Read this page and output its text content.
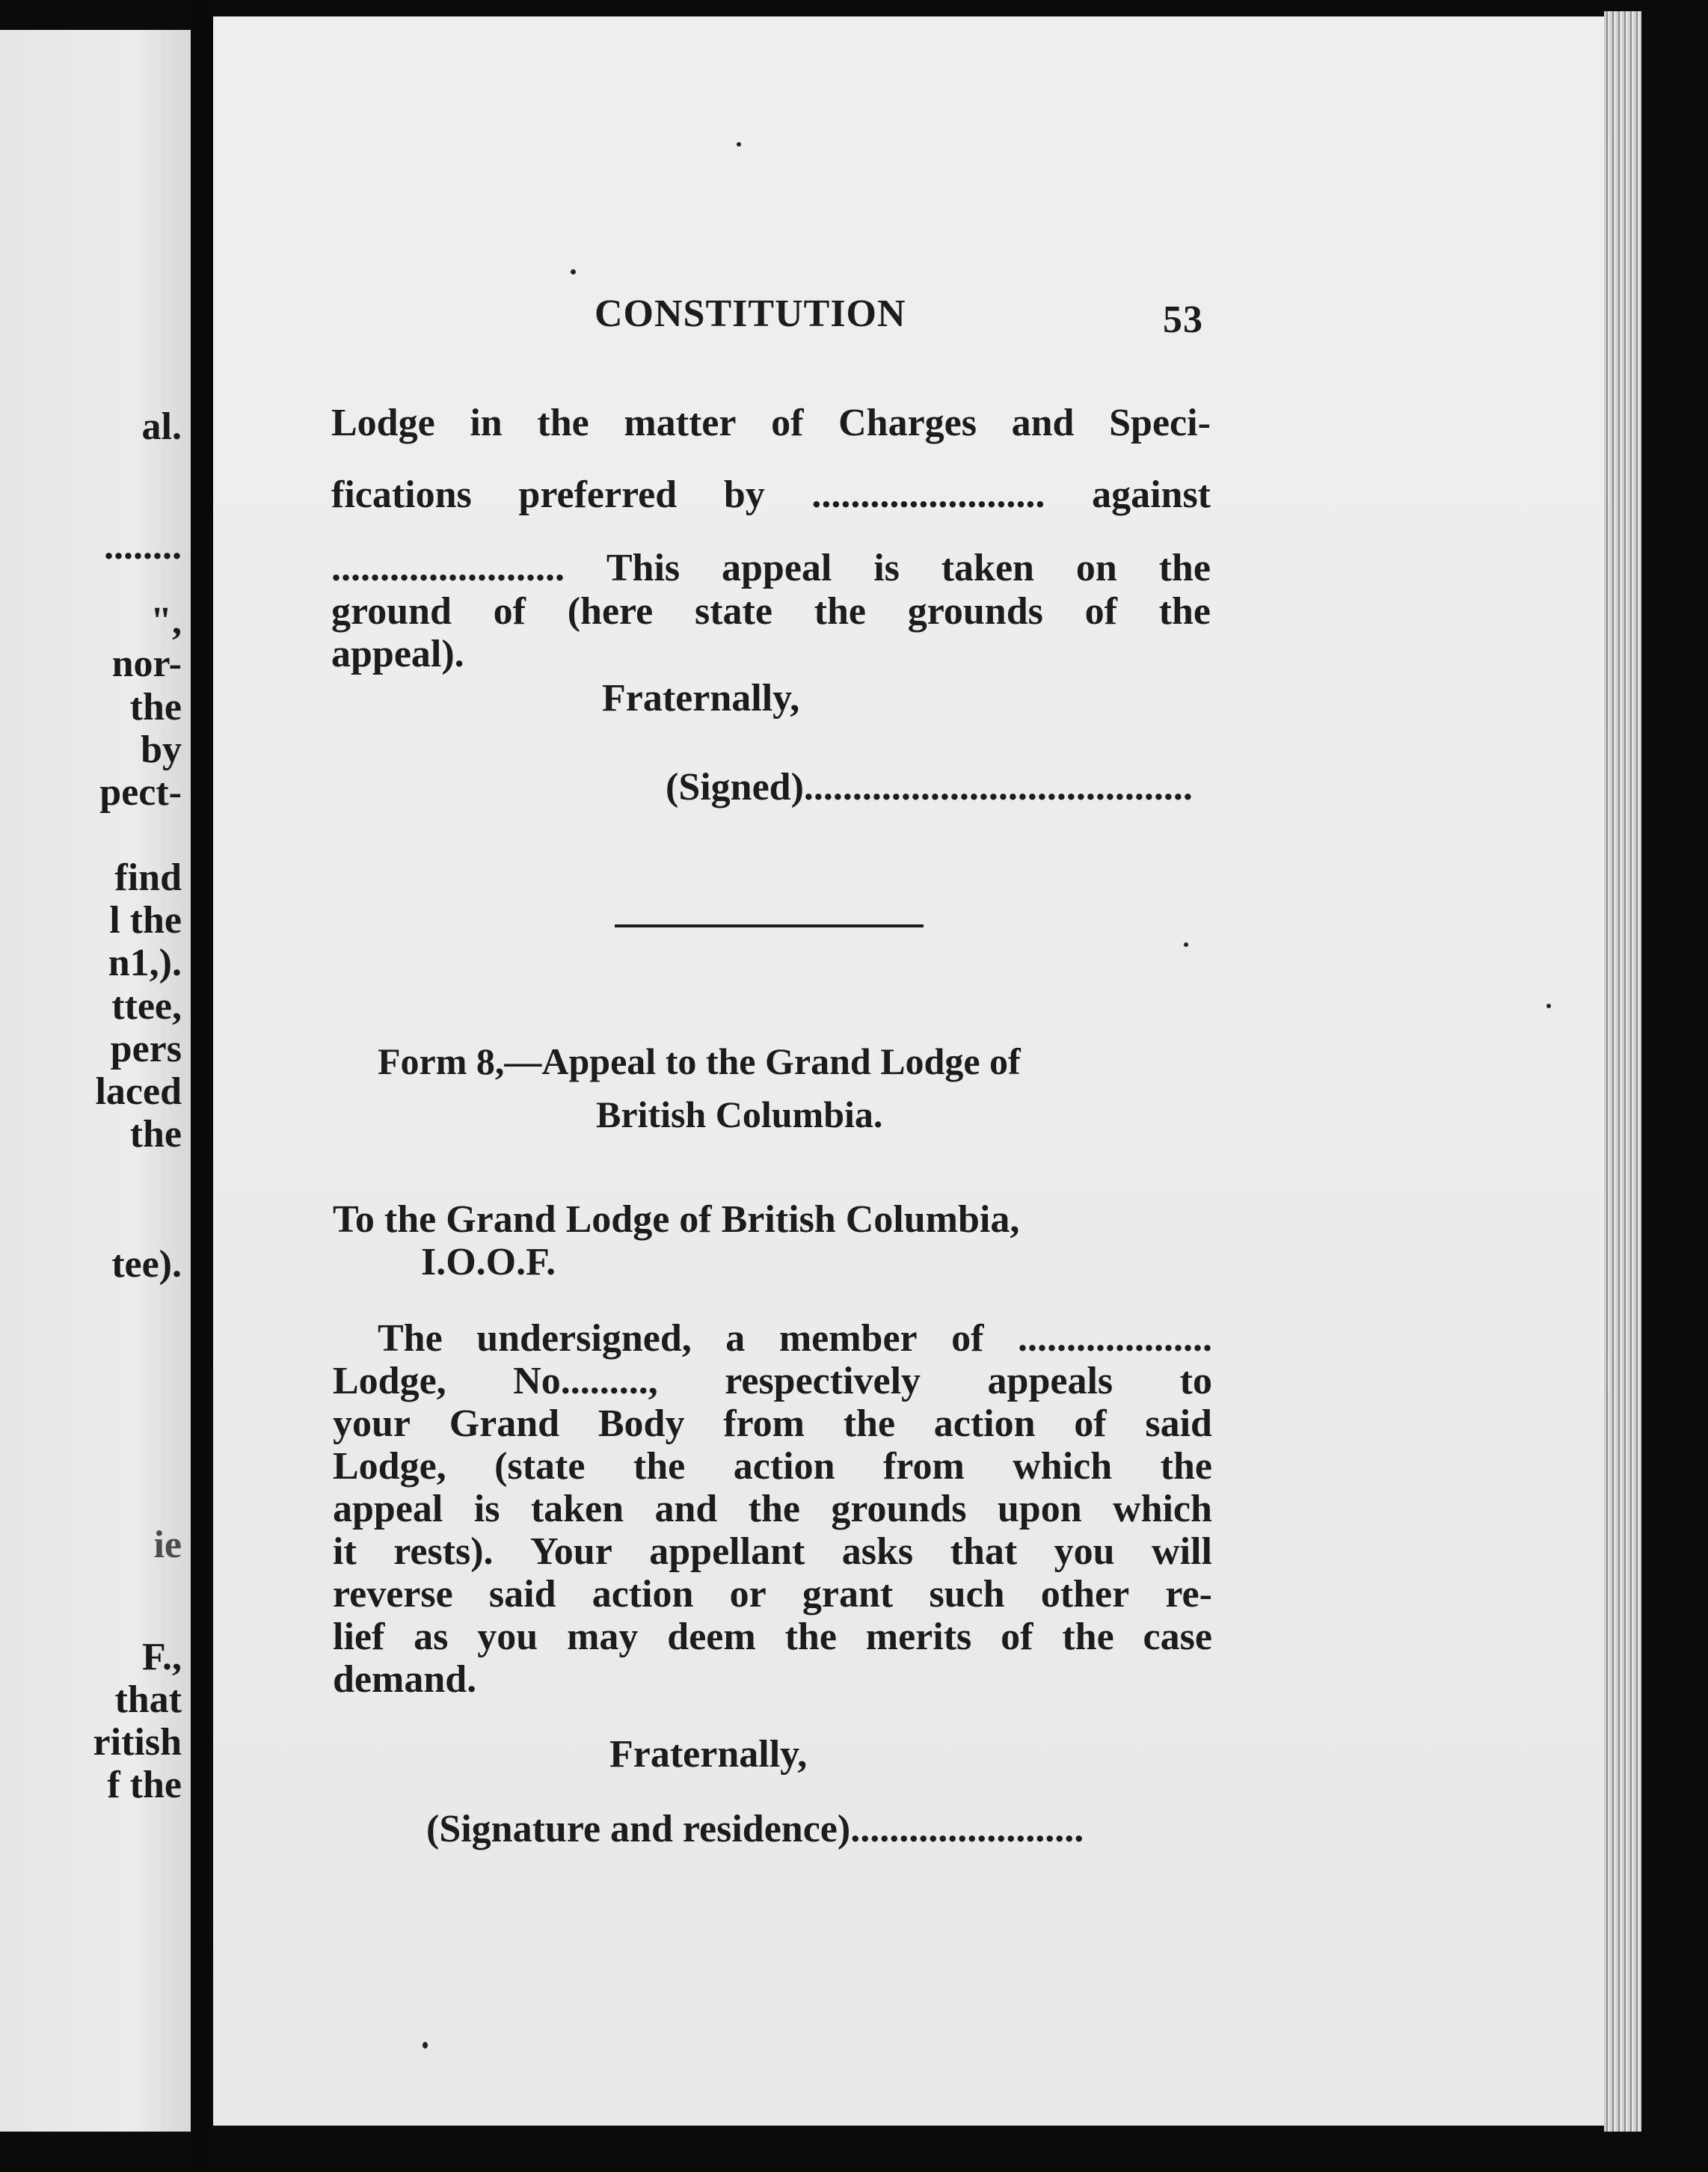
al.
........
",
nor-
the
by
pect-
find
l the
n1,).
ttee,
pers
laced
the
tee).
ie
F.,
that
ritish
f the
CONSTITUTION	53
Lodge in the matter of Charges and Speci-
fications preferred by ........................ against
........................ This appeal is taken on the
ground of (here state the grounds of the
appeal).
Fraternally,
(Signed)........................................
Form 8,—Appeal to the Grand Lodge of
British Columbia.
To the Grand Lodge of British Columbia,
I.O.O.F.
The undersigned, a member of ....................
Lodge, No........., respectively appeals to
your Grand Body from the action of said
Lodge, (state the action from which the
appeal is taken and the grounds upon which
it rests). Your appellant asks that you will
reverse said action or grant such other re-
lief as you may deem the merits of the case
demand.
Fraternally,
(Signature and residence)........................
